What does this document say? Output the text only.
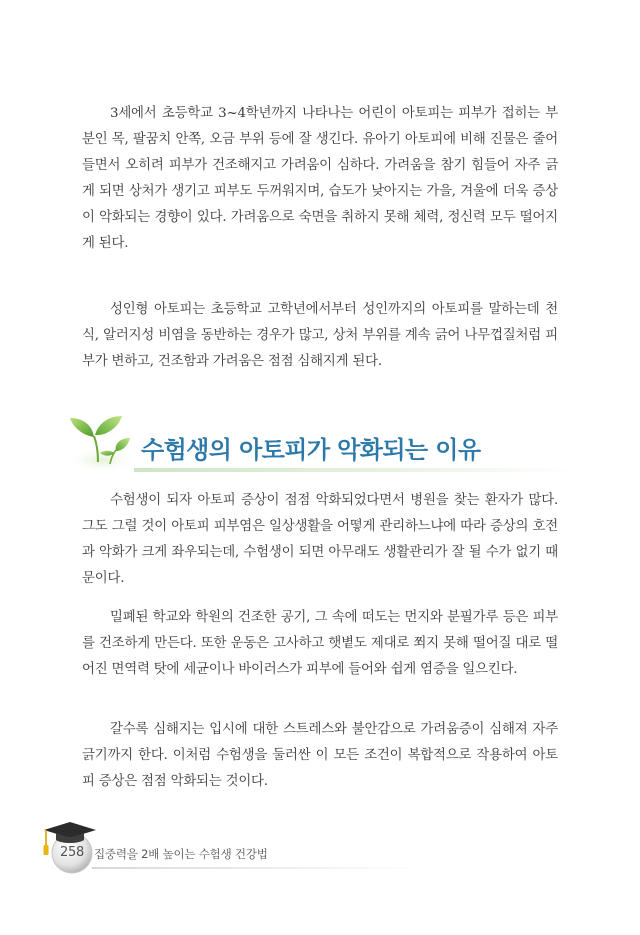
3세에서 초등학교 3~4학년까지 나타나는 어린이 아토피는 피부가 접히는 부분인 목, 팔꿈치 안쪽, 오금 부위 등에 잘 생긴다. 유아기 아토피에 비해 진물은 줄어들면서 오히려 피부가 건조해지고 가려움이 심하다. 가려움을 참기 힘들어 자주 긁게 되면 상처가 생기고 피부도 두꺼워지며, 습도가 낮아지는 가을, 겨울에 더욱 증상이 악화되는 경향이 있다. 가려움으로 숙면을 취하지 못해 체력, 정신력 모두 떨어지게 된다.

성인형 아토피는 초등학교 고학년에서부터 성인까지의 아토피를 말하는데 천식, 알러지성 비염을 동반하는 경우가 많고, 상처 부위를 계속 긁어 나무껍질처럼 피부가 변하고, 건조함과 가려움은 점점 심해지게 된다.

수험생의 아토피가 악화되는 이유

수험생이 되자 아토피 증상이 점점 악화되었다면서 병원을 찾는 환자가 많다. 그도 그럴 것이 아토피 피부염은 일상생활을 어떻게 관리하느냐에 따라 증상의 호전과 악화가 크게 좌우되는데, 수험생이 되면 아무래도 생활관리가 잘 될 수가 없기 때문이다.

밀폐된 학교와 학원의 건조한 공기, 그 속에 떠도는 먼지와 분필가루 등은 피부를 건조하게 만든다. 또한 운동은 고사하고 햇볕도 제대로 쬐지 못해 떨어질 대로 떨어진 면역력 탓에 세균이나 바이러스가 피부에 들어와 쉽게 염증을 일으킨다.

갈수록 심해지는 입시에 대한 스트레스와 불안감으로 가려움증이 심해져 자주 긁기까지 한다. 이처럼 수험생을 둘러싼 이 모든 조건이 복합적으로 작용하여 아토피 증상은 점점 악화되는 것이다.

258 집중력을 2배 높이는 수험생 건강법
